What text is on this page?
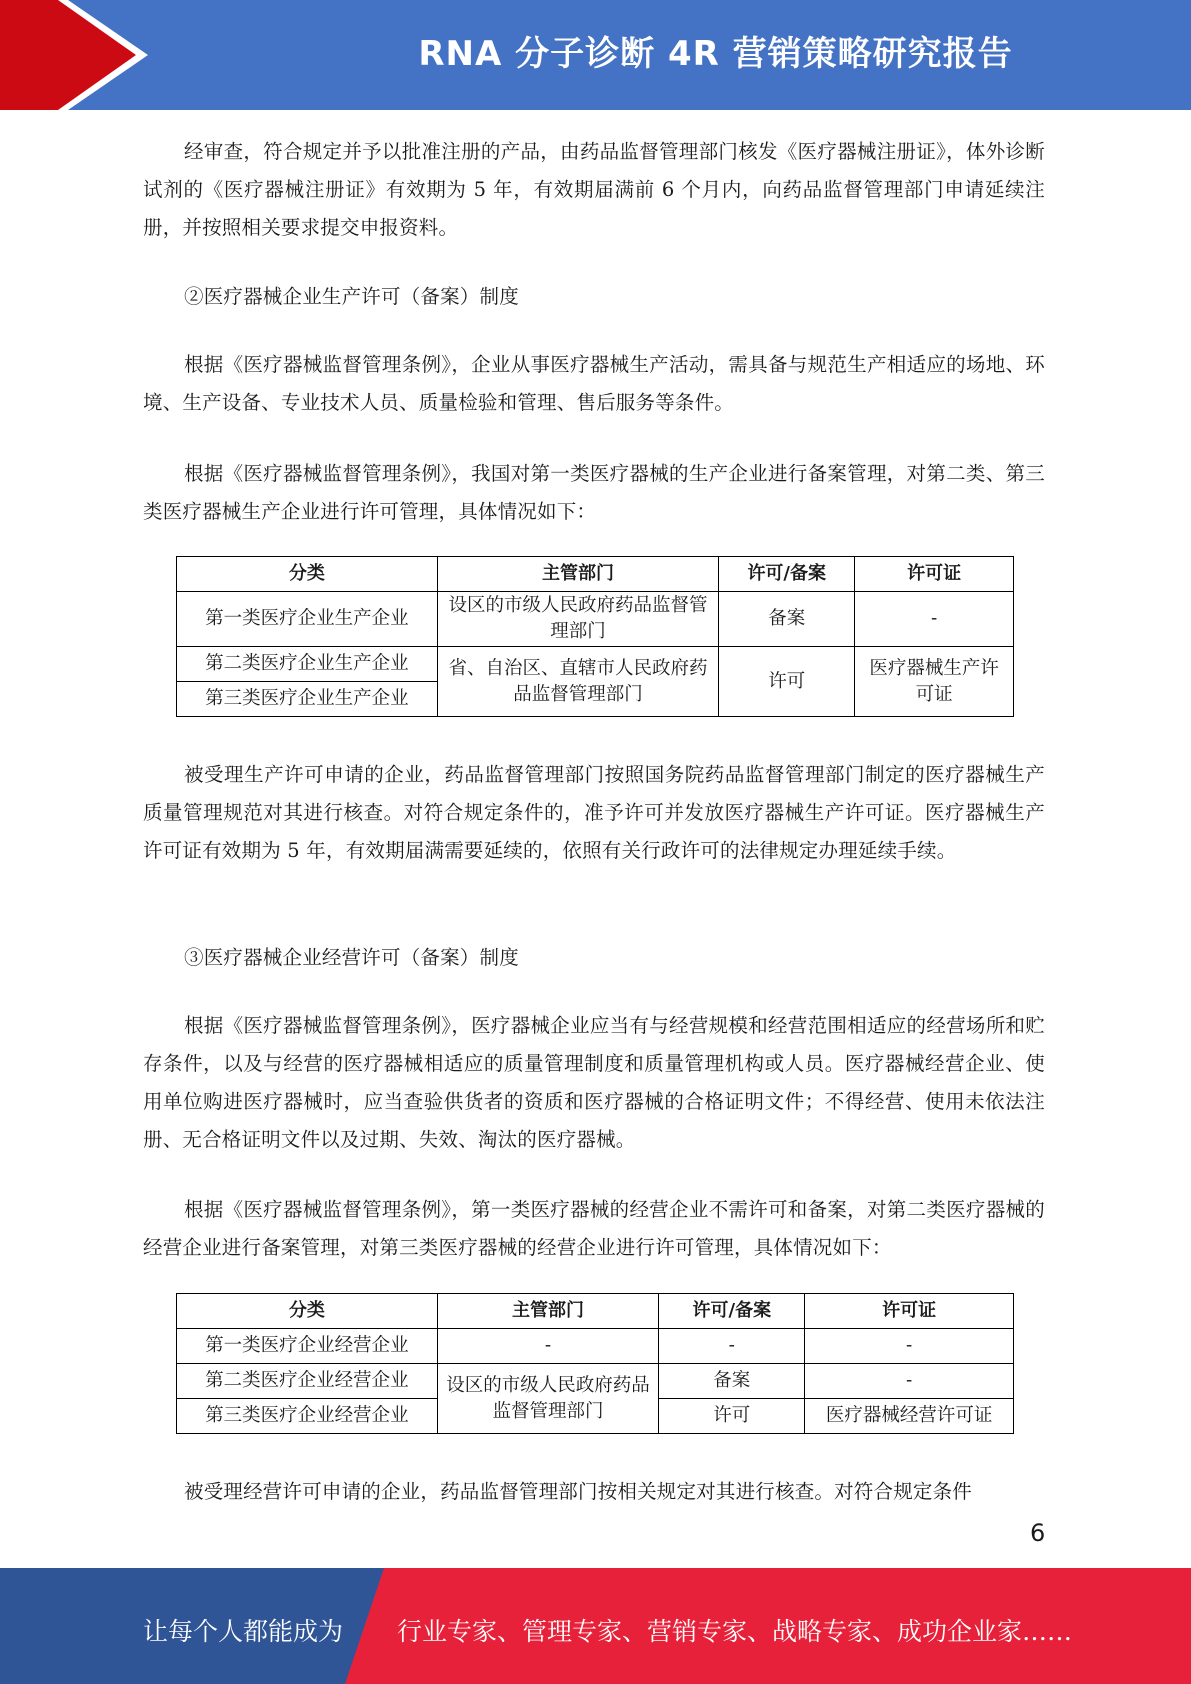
RNA 分子诊断 4R 营销策略研究报告

经审查，符合规定并予以批准注册的产品，由药品监督管理部门核发《医疗器械注册证》，体外诊断试剂的《医疗器械注册证》有效期为 5 年，有效期届满前 6 个月内，向药品监督管理部门申请延续注册，并按照相关要求提交申报资料。

②医疗器械企业生产许可（备案）制度

根据《医疗器械监督管理条例》，企业从事医疗器械生产活动，需具备与规范生产相适应的场地、环境、生产设备、专业技术人员、质量检验和管理、售后服务等条件。

根据《医疗器械监督管理条例》，我国对第一类医疗器械的生产企业进行备案管理，对第二类、第三类医疗器械生产企业进行许可管理，具体情况如下：

分类	主管部门	许可/备案	许可证
第一类医疗企业生产企业	设区的市级人民政府药品监督管理部门	备案	-
第二类医疗企业生产企业	省、自治区、直辖市人民政府药品监督管理部门	许可	医疗器械生产许可证
第三类医疗企业生产企业			

被受理生产许可申请的企业，药品监督管理部门按照国务院药品监督管理部门制定的医疗器械生产质量管理规范对其进行核查。对符合规定条件的，准予许可并发放医疗器械生产许可证。医疗器械生产许可证有效期为 5 年，有效期届满需要延续的，依照有关行政许可的法律规定办理延续手续。

③医疗器械企业经营许可（备案）制度

根据《医疗器械监督管理条例》，医疗器械企业应当有与经营规模和经营范围相适应的经营场所和贮存条件，以及与经营的医疗器械相适应的质量管理制度和质量管理机构或人员。医疗器械经营企业、使用单位购进医疗器械时，应当查验供货者的资质和医疗器械的合格证明文件；不得经营、使用未依法注册、无合格证明文件以及过期、失效、淘汰的医疗器械。

根据《医疗器械监督管理条例》，第一类医疗器械的经营企业不需许可和备案，对第二类医疗器械的经营企业进行备案管理，对第三类医疗器械的经营企业进行许可管理，具体情况如下：

分类	主管部门	许可/备案	许可证
第一类医疗企业经营企业	-	-	-
第二类医疗企业经营企业	设区的市级人民政府药品监督管理部门	备案	-
第三类医疗企业经营企业		许可	医疗器械经营许可证

被受理经营许可申请的企业，药品监督管理部门按相关规定对其进行核查。对符合规定条件

6
让每个人都能成为 行业专家、管理专家、营销专家、战略专家、成功企业家……
